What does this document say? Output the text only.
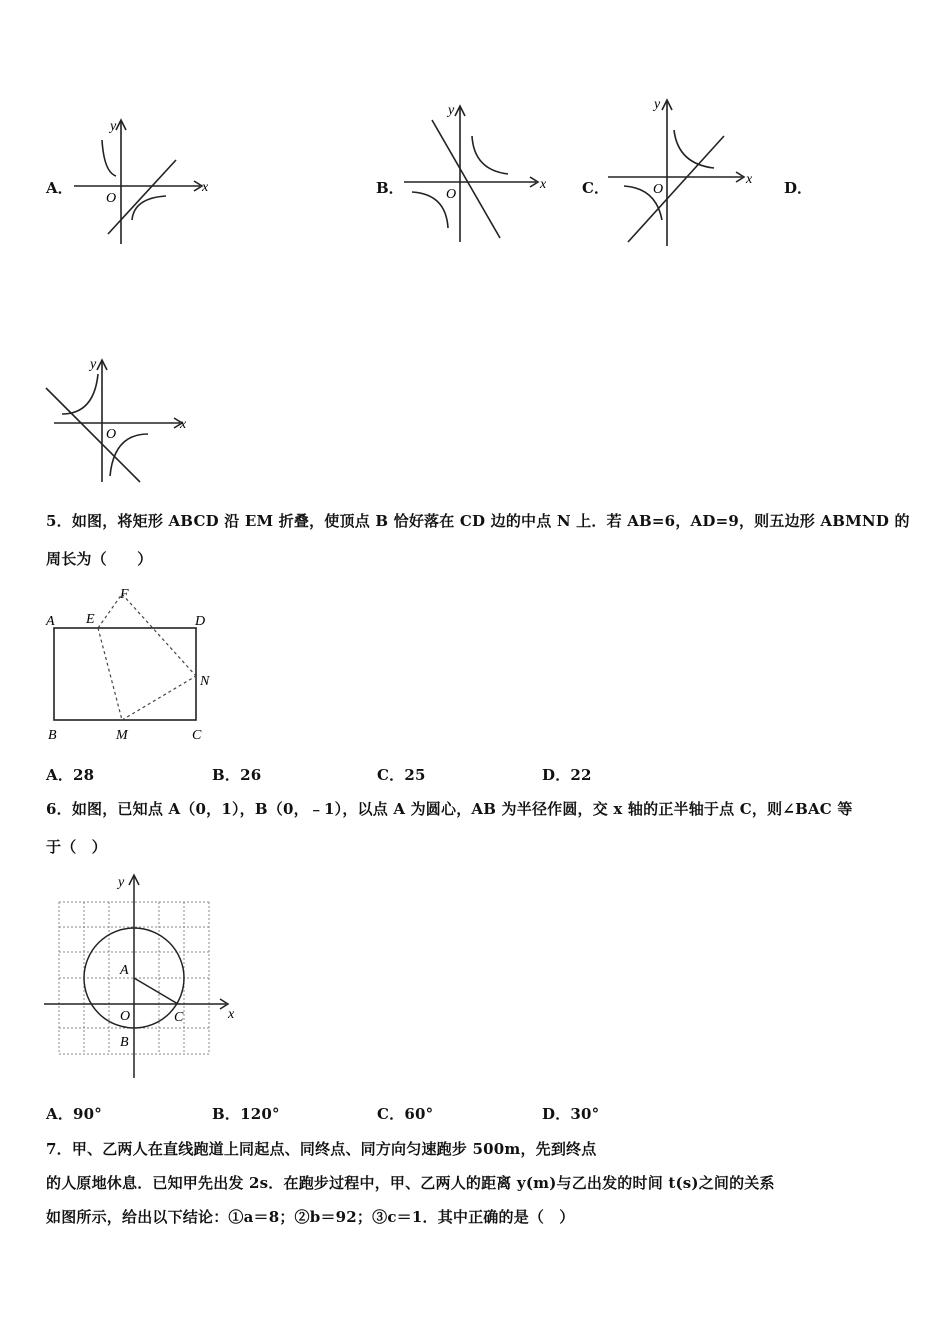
A．	x
y
O
B．	x
y
O	C．	x
y
O	D．
x
y
O
5．如图，将矩形 ABCD 沿 EM 折叠，使顶点 B 恰好落在 CD 边的中点 N 上．若 AB=6，AD=9，则五边形 ABMND 的
周长为（　　）
A E
F
D
N
B	M	C
A．28	B．26	C．25	D．22
6．如图，已知点 A（0，1），B（0，﹣1），以点 A 为圆心，AB 为半径作圆，交 x 轴的正半轴于点 C，则∠BAC 等
于（　）
y
x
A
O	C
B
A．90°	B．120°	C．60°	D．30°
7．甲、乙两人在直线跑道上同起点、同终点、同方向匀速跑步 500m，先到终点
的人原地休息．已知甲先出发 2s．在跑步过程中，甲、乙两人的距离 y(m)与乙出发的时间 t(s)之间的关系
如图所示，给出以下结论：①a＝8；②b＝92；③c＝1．其中正确的是（　）
